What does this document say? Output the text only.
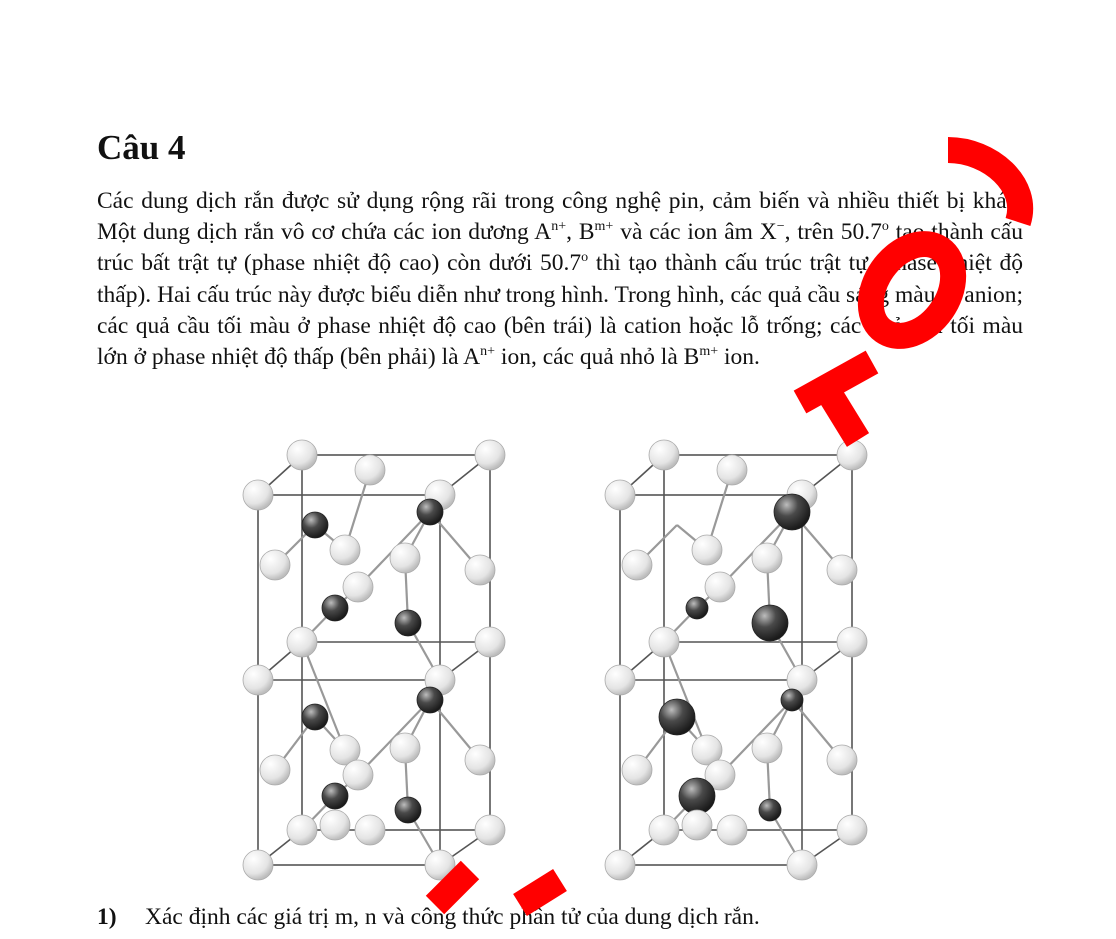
Câu 4

Các dung dịch rắn được sử dụng rộng rãi trong công nghệ pin, cảm biến và nhiều thiết bị khác. Một dung dịch rắn vô cơ chứa các ion dương $A^{n+}$, $B^{m+}$ và các ion âm X−, trên 50.7$^o$ tạo thành cấu trúc bất trật tự (phase nhiệt độ cao) còn dưới 50.7$^o$ thì tạo thành cấu trúc trật tự (phase nhiệt độ thấp). Hai cấu trúc này được biểu diễn như trong hình. Trong hình, các quả cầu sáng màu là anion; các quả cầu tối màu ở phase nhiệt độ cao (bên trái) là cation hoặc lỗ trống; các quả cầu tối màu lớn ở phase nhiệt độ thấp (bên phải) là $A^{n+}$ ion, các quả nhỏ là $B^{m+}$ ion.

1) Xác định các giá trị m, n và công thức phân tử của dung dịch rắn.
